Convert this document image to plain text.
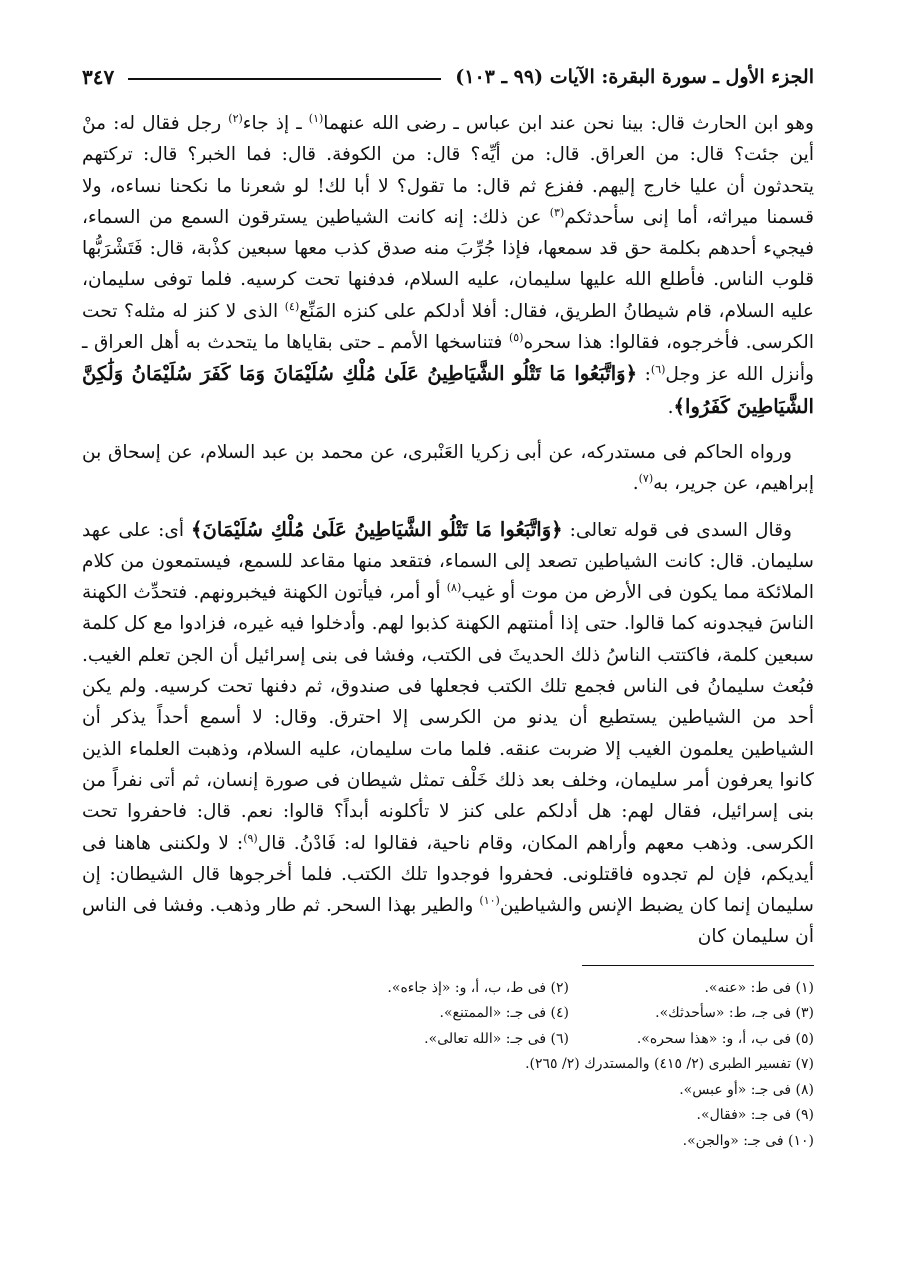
الجزء الأول ـ سورة البقرة: الآيات (٩٩ ـ ١٠٣)
٣٤٧

وهو ابن الحارث قال: بينا نحن عند ابن عباس ـ رضى الله عنهما$^{(١)}$ ـ إذ جاء$^{(٢)}$ رجل فقال له: منْ أين جئت؟ قال: من العراق. قال: من أيِّه؟ قال: من الكوفة. قال: فما الخبر؟ قال: تركتهم يتحدثون أن عليا خارج إليهم. ففزع ثم قال: ما تقول؟ لا أبا لك! لو شعرنا ما نكحنا نساءه، ولا قسمنا ميراثه، أما إنى سأحدثكم$^{(٣)}$ عن ذلك: إنه كانت الشياطين يسترقون السمع من السماء، فيجيء أحدهم بكلمة حق قد سمعها، فإذا جُرِّبَ منه صدق كذب معها سبعين كذْبة، قال: فَتَشْرَبُّها قلوب الناس. فأطلع الله عليها سليمان، عليه السلام، فدفنها تحت كرسيه. فلما توفى سليمان، عليه السلام، قام شيطانُ الطريق، فقال: أفلا أدلكم على كنزه المَنِّع$^{(٤)}$ الذى لا كنز له مثله؟ تحت الكرسى. فأخرجوه، فقالوا: هذا سحره$^{(٥)}$ فتناسخها الأمم ـ حتى بقاياها ما يتحدث به أهل العراق ـ وأنزل الله عز وجل$^{(٦)}$: ﴿وَاتَّبَعُوا مَا تَتْلُو الشَّيَاطِينُ عَلَىٰ مُلْكِ سُلَيْمَانَ وَمَا كَفَرَ سُلَيْمَانُ وَلَٰكِنَّ الشَّيَاطِينَ كَفَرُوا﴾.

ورواه الحاكم فى مستدركه، عن أبى زكريا العَنْبرى، عن محمد بن عبد السلام، عن إسحاق بن إبراهيم، عن جرير، به$^{(٧)}$.

وقال السدى فى قوله تعالى: ﴿وَاتَّبَعُوا مَا تَتْلُو الشَّيَاطِينُ عَلَىٰ مُلْكِ سُلَيْمَانَ﴾ أى: على عهد سليمان. قال: كانت الشياطين تصعد إلى السماء، فتقعد منها مقاعد للسمع، فيستمعون من كلام الملائكة مما يكون فى الأرض من موت أو غيب$^{(٨)}$ أو أمر، فيأتون الكهنة فيخبرونهم. فتحدِّث الكهنة الناسَ فيجدونه كما قالوا. حتى إذا أمنتهم الكهنة كذبوا لهم. وأدخلوا فيه غيره، فزادوا مع كل كلمة سبعين كلمة، فاكتتب الناسُ ذلك الحديثَ فى الكتب، وفشا فى بنى إسرائيل أن الجن تعلم الغيب. فبُعث سليمانُ فى الناس فجمع تلك الكتب فجعلها فى صندوق، ثم دفنها تحت كرسيه. ولم يكن أحد من الشياطين يستطيع أن يدنو من الكرسى إلا احترق. وقال: لا أسمع أحداً يذكر أن الشياطين يعلمون الغيب إلا ضربت عنقه. فلما مات سليمان، عليه السلام، وذهبت العلماء الذين كانوا يعرفون أمر سليمان، وخلف بعد ذلك خَلْف تمثل شيطان فى صورة إنسان، ثم أتى نفراً من بنى إسرائيل، فقال لهم: هل أدلكم على كنز لا تأكلونه أبداً؟ قالوا: نعم. قال: فاحفروا تحت الكرسى. وذهب معهم وأراهم المكان، وقام ناحية، فقالوا له: فَادْنُ. قال$^{(٩)}$: لا ولكننى هاهنا فى أيديكم، فإن لم تجدوه فاقتلونى. فحفروا فوجدوا تلك الكتب. فلما أخرجوها قال الشيطان: إن سليمان إنما كان يضبط الإنس والشياطين$^{(١٠)}$ والطير بهذا السحر. ثم طار وذهب. وفشا فى الناس أن سليمان كان

(١) فى ط: «عنه».
(٢) فى ط، ب، أ، و: «إذ جاءه».
(٣) فى جـ، ط: «سأحدثك».
(٤) فى جـ: «الممتنع».
(٥) فى ب، أ، و: «هذا سحره».
(٦) فى جـ: «الله تعالى».
(٧) تفسير الطبرى (٢/ ٤١٥) والمستدرك (٢/ ٢٦٥).
(٨) فى جـ: «أو عبس».
(٩) فى جـ: «فقال».
(١٠) فى جـ: «والجن».
